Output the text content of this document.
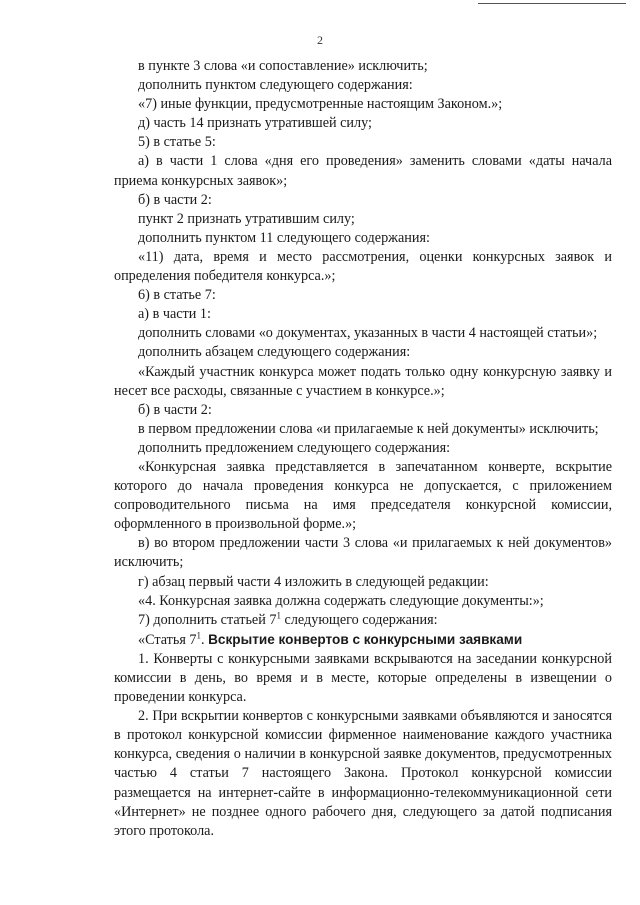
2

в пункте 3 слова «и сопоставление» исключить;

дополнить пунктом следующего содержания:

«7) иные функции, предусмотренные настоящим Законом.»;

д) часть 14 признать утратившей силу;

5) в статье 5:

а) в части 1 слова «дня его проведения» заменить словами «даты начала приема конкурсных заявок»;

б) в части 2:

пункт 2 признать утратившим силу;

дополнить пунктом 11 следующего содержания:

«11) дата, время и место рассмотрения, оценки конкурсных заявок и определения победителя конкурса.»;

6) в статье 7:

а) в части 1:

дополнить словами «о документах, указанных в части 4 настоящей статьи»;

дополнить абзацем следующего содержания:

«Каждый участник конкурса может подать только одну конкурсную заявку и несет все расходы, связанные с участием в конкурсе.»;

б) в части 2:

в первом предложении слова «и прилагаемые к ней документы» исключить;

дополнить предложением следующего содержания:

«Конкурсная заявка представляется в запечатанном конверте, вскрытие которого до начала проведения конкурса не допускается, с приложением сопроводительного письма на имя председателя конкурсной комиссии, оформленного в произвольной форме.»;

в) во втором предложении части 3 слова «и прилагаемых к ней документов» исключить;

г) абзац первый части 4 изложить в следующей редакции:

«4. Конкурсная заявка должна содержать следующие документы:»;

7) дополнить статьей $7^1$ следующего содержания:

«Статья $7^1$. Вскрытие конвертов с конкурсными заявками

1. Конверты с конкурсными заявками вскрываются на заседании конкурсной комиссии в день, во время и в месте, которые определены в извещении о проведении конкурса.

2. При вскрытии конвертов с конкурсными заявками объявляются и заносятся в протокол конкурсной комиссии фирменное наименование каждого участника конкурса, сведения о наличии в конкурсной заявке документов, предусмотренных частью 4 статьи 7 настоящего Закона. Протокол конкурсной комиссии размещается на интернет-сайте в информационно-телекоммуникационной сети «Интернет» не позднее одного рабочего дня, следующего за датой подписания этого протокола.
